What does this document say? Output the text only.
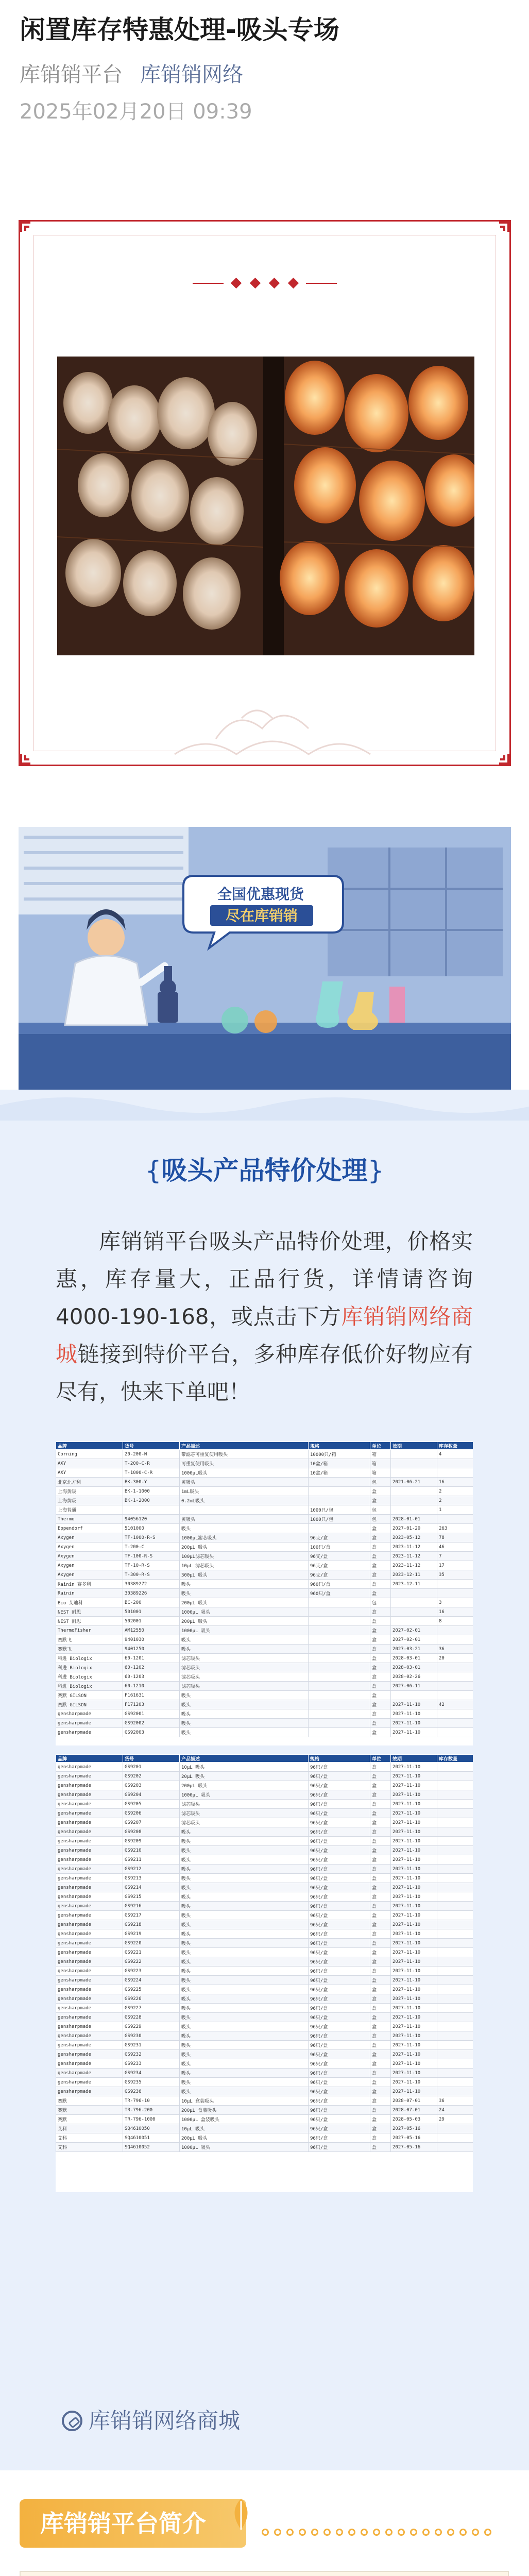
闲置库存特惠处理-吸头专场
库销销平台 库销销网络
2025年02月20日 09:39
全国优惠现货
尽在库销销
{吸头产品特价处理}
库销销平台吸头产品特价处理，价格实惠，库存量大，正品行货，详情请咨询 4000-190-168，或点击下方库销销网络商城链接到特价平台，多种库存低价好物应有尽有，快来下单吧！
品牌	货号	产品描述	规格	单位	效期	库存数量
Corning	20-200-N	带滤芯可重复使用吸头	10000只/箱	箱		4
AXY	T-200-C-R	可重复使用吸头	10盒/箱	箱		
AXY	T-1000-C-R	1000μL吸头	10盒/箱	箱		
北京北方利	BK-300-Y	黄吸头		包	2021-06-21	16
上海黄吸	BK-1-1000	1mL吸头		盒		2
上海黄吸	BK-1-2000	0.2mL吸头		盒		2
上海普通			1000只/包	包		1
Thermo	94056120	黄吸头	1000只/包	包	2028-01-01	
Eppendorf	5101000	吸头		盒	2027-01-20	263
Axygen	TF-1000-R-S	1000μL滤芯吸头	96支/盒	盒	2023-05-12	78
Axygen	T-200-C	200μL 吸头	100只/盒	盒	2023-11-12	46
Axygen	TF-100-R-S	100μL滤芯吸头	96支/盒	盒	2023-11-12	7
Axygen	TF-10-R-S	10μL 滤芯吸头	96支/盒	盒	2023-11-12	17
Axygen	T-300-R-S	300μL 吸头	96支/盒	盒	2023-12-11	35
Rainin 赛多利	30389272	吸头	960只/盒	盒	2023-12-11	
Rainin	30389226	吸头	960只/盒	盒		
Bio 艾迪科	BC-200	200μL 吸头		包		3
NEST 耐思	501001	1000μL 吸头		盒		16
NEST 耐思	502001	200μL 吸头		盒		8
ThermoFisher	AM12550	1000μL 吸头		盒	2027-02-01	
赛默飞	9401030	吸头		盒	2027-02-01	
赛默飞	9401250	吸头		盒	2027-03-21	36
科进 Biologix	60-1201	滤芯吸头		盒	2028-03-01	20
科进 Biologix	60-1202	滤芯吸头		盒	2028-03-01	
科进 Biologix	60-1203	滤芯吸头		盒	2028-02-26	
科进 Biologix	60-1210	滤芯吸头		盒	2027-06-11	
赛默 GILSON	F161631	吸头		盒		
赛默 GILSON	F171203	吸头		盒	2027-11-10	42
gensharpmade	GS92001	吸头		盒	2027-11-10	
gensharpmade	GS92002	吸头		盒	2027-11-10	
gensharpmade	GS92003	吸头		盒	2027-11-10	
品牌	货号	产品描述	规格	单位	效期	库存数量
gensharpmade	GS9201	10μL 吸头	96只/盒	盒	2027-11-10	
gensharpmade	GS9202	20μL 吸头	96只/盒	盒	2027-11-10	
gensharpmade	GS9203	200μL 吸头	96只/盒	盒	2027-11-10	
gensharpmade	GS9204	1000μL 吸头	96只/盒	盒	2027-11-10	
gensharpmade	GS9205	滤芯吸头	96只/盒	盒	2027-11-10	
gensharpmade	GS9206	滤芯吸头	96只/盒	盒	2027-11-10	
gensharpmade	GS9207	滤芯吸头	96只/盒	盒	2027-11-10	
gensharpmade	GS9208	吸头	96只/盒	盒	2027-11-10	
gensharpmade	GS9209	吸头	96只/盒	盒	2027-11-10	
gensharpmade	GS9210	吸头	96只/盒	盒	2027-11-10	
gensharpmade	GS9211	吸头	96只/盒	盒	2027-11-10	
gensharpmade	GS9212	吸头	96只/盒	盒	2027-11-10	
gensharpmade	GS9213	吸头	96只/盒	盒	2027-11-10	
gensharpmade	GS9214	吸头	96只/盒	盒	2027-11-10	
gensharpmade	GS9215	吸头	96只/盒	盒	2027-11-10	
gensharpmade	GS9216	吸头	96只/盒	盒	2027-11-10	
gensharpmade	GS9217	吸头	96只/盒	盒	2027-11-10	
gensharpmade	GS9218	吸头	96只/盒	盒	2027-11-10	
gensharpmade	GS9219	吸头	96只/盒	盒	2027-11-10	
gensharpmade	GS9220	吸头	96只/盒	盒	2027-11-10	
gensharpmade	GS9221	吸头	96只/盒	盒	2027-11-10	
gensharpmade	GS9222	吸头	96只/盒	盒	2027-11-10	
gensharpmade	GS9223	吸头	96只/盒	盒	2027-11-10	
gensharpmade	GS9224	吸头	96只/盒	盒	2027-11-10	
gensharpmade	GS9225	吸头	96只/盒	盒	2027-11-10	
gensharpmade	GS9226	吸头	96只/盒	盒	2027-11-10	
gensharpmade	GS9227	吸头	96只/盒	盒	2027-11-10	
gensharpmade	GS9228	吸头	96只/盒	盒	2027-11-10	
gensharpmade	GS9229	吸头	96只/盒	盒	2027-11-10	
gensharpmade	GS9230	吸头	96只/盒	盒	2027-11-10	
gensharpmade	GS9231	吸头	96只/盒	盒	2027-11-10	
gensharpmade	GS9232	吸头	96只/盒	盒	2027-11-10	
gensharpmade	GS9233	吸头	96只/盒	盒	2027-11-10	
gensharpmade	GS9234	吸头	96只/盒	盒	2027-11-10	
gensharpmade	GS9235	吸头	96只/盒	盒	2027-11-10	
gensharpmade	GS9236	吸头	96只/盒	盒	2027-11-10	
赛默	TR-796-10	10μL 盒装吸头	96只/盒	盒	2028-07-01	36
赛默	TR-796-200	200μL 盒装吸头	96只/盒	盒	2028-07-01	24
赛默	TR-796-1000	1000μL 盒装吸头	96只/盒	盒	2028-05-03	29
艾科	SQ4610050	10μL 吸头	96只/盒	盒	2027-05-16	
艾科	SQ4610051	200μL 吸头	96只/盒	盒	2027-05-16	
艾科	SQ4610052	1000μL 吸头	96只/盒	盒	2027-05-16	
库销销网络商城
库销销平台简介
